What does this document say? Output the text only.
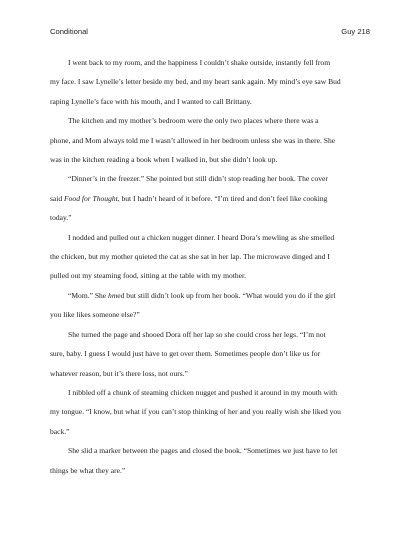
Conditional	Guy 218

I went back to my room, and the happiness I couldn’t shake outside, instantly fell from
my face. I saw Lynelle’s letter beside my bed, and my heart sank again. My mind’s eye saw Bud
raping Lynelle’s face with his mouth, and I wanted to call Brittany.

The kitchen and my mother’s bedroom were the only two places where there was a
phone, and Mom always told me I wasn’t allowed in her bedroom unless she was in there. She
was in the kitchen reading a book when I walked in, but she didn’t look up.

“Dinner’s in the freezer.” She pointed but still didn’t stop reading her book. The cover
said Food for Thought, but I hadn’t heard of it before. “I’m tired and don’t feel like cooking
today.”

I nodded and pulled out a chicken nugget dinner. I heard Dora’s mewling as she smelled
the chicken, but my mother quieted the cat as she sat in her lap. The microwave dinged and I
pulled out my steaming food, sitting at the table with my mother.

“Mom.” She hmed but still didn’t look up from her book. “What would you do if the girl
you like likes someone else?”

She turned the page and shooed Dora off her lap so she could cross her legs. “I’m not
sure, baby. I guess I would just have to get over them. Sometimes people don’t like us for
whatever reason, but it’s there loss, not ours.”

I nibbled off a chunk of steaming chicken nugget and pushed it around in my mouth with
my tongue. “I know, but what if you can’t stop thinking of her and you really wish she liked you
back.”

She slid a marker between the pages and closed the book. “Sometimes we just have to let
things be what they are.”
